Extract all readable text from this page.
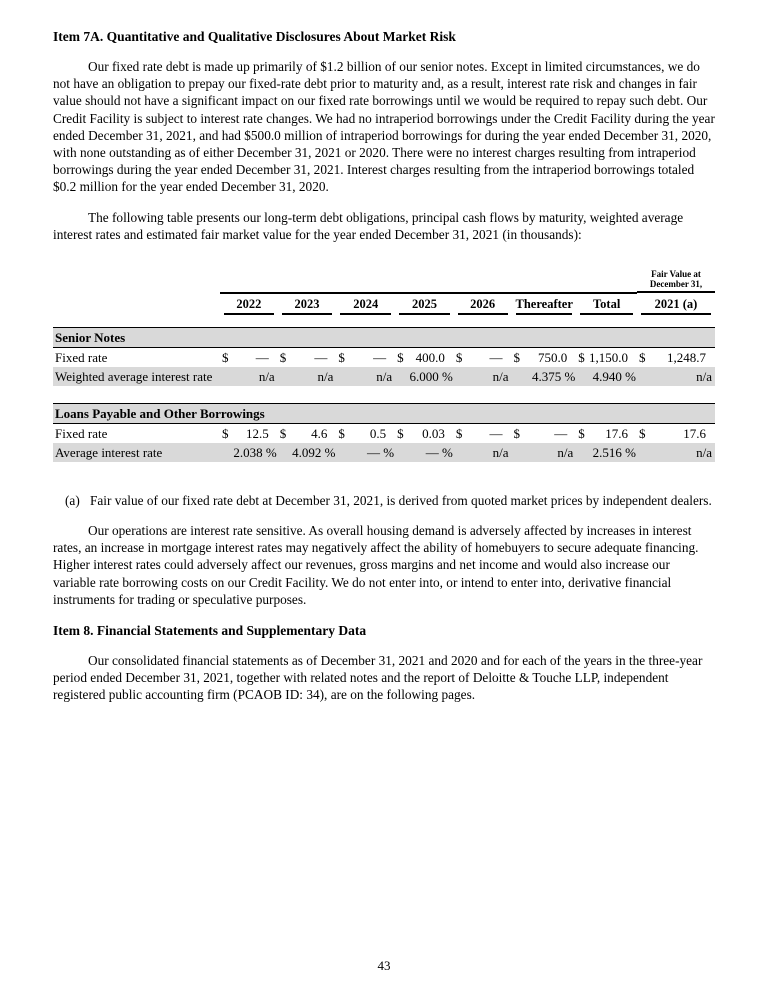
Item 7A. Quantitative and Qualitative Disclosures About Market Risk

Our fixed rate debt is made up primarily of $1.2 billion of our senior notes. Except in limited circumstances, we do not have an obligation to prepay our fixed-rate debt prior to maturity and, as a result, interest rate risk and changes in fair value should not have a significant impact on our fixed rate borrowings until we would be required to repay such debt. Our Credit Facility is subject to interest rate changes. We had no intraperiod borrowings under the Credit Facility during the year ended December 31, 2021, and had $500.0 million of intraperiod borrowings for during the year ended December 31, 2020, with none outstanding as of either December 31, 2021 or 2020. There were no interest charges resulting from intraperiod borrowings during the year ended December 31, 2021. Interest charges resulting from the intraperiod borrowings totaled $0.2 million for the year ended December 31, 2020.

The following table presents our long-term debt obligations, principal cash flows by maturity, weighted average interest rates and estimated fair market value for the year ended December 31, 2021 (in thousands):

								Fair Value at
December 31,

	2022	2023	2024	2025	2026	Thereafter	Total	2021 (a)

Senior Notes								
Fixed rate	$ —	$ —	$ —	$ 400.0	$ —	$ 750.0	$ 1,150.0	$ 1,248.7

Weighted average interest rate	n/a	n/a	n/a	6.000 %	n/a	4.375 %	4.940 %	n/a

Loans Payable and Other Borrowings								
Fixed rate	$ 12.5	$ 4.6	$ 0.5	$ 0.03	$ —	$ —	$ 17.6	$ 17.6

Average interest rate	2.038 %	4.092 %	— %	— %	n/a	n/a	2.516 %	n/a
(a) Fair value of our fixed rate debt at December 31, 2021, is derived from quoted market prices by independent dealers.

Our operations are interest rate sensitive. As overall housing demand is adversely affected by increases in interest rates, an increase in mortgage interest rates may negatively affect the ability of homebuyers to secure adequate financing. Higher interest rates could adversely affect our revenues, gross margins and net income and would also increase our variable rate borrowing costs on our Credit Facility. We do not enter into, or intend to enter into, derivative financial instruments for trading or speculative purposes.

Item 8. Financial Statements and Supplementary Data

Our consolidated financial statements as of December 31, 2021 and 2020 and for each of the years in the three-year period ended December 31, 2021, together with related notes and the report of Deloitte & Touche LLP, independent registered public accounting firm (PCAOB ID: 34), are on the following pages.

43
